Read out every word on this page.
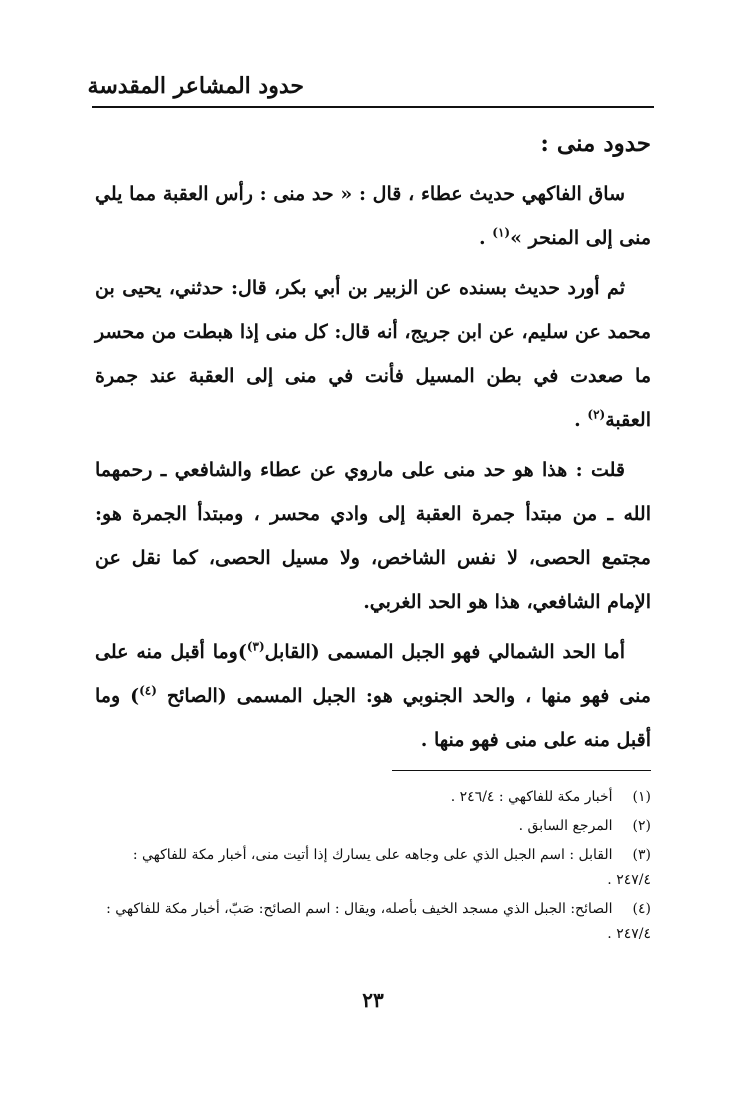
حدود المشاعر المقدسة
حدود منى :

ساق الفاكهي حديث عطاء ، قال : « حد منى : رأس العقبة مما يلي منى إلى المنحر »$^{(١)}$ .

ثم أورد حديث بسنده عن الزبير بن أبي بكر، قال: حدثني، يحيى بن محمد عن سليم، عن ابن جريج، أنه قال: كل منى إذا هبطت من محسر ما صعدت في بطن المسيل فأنت في منى إلى العقبة عند جمرة العقبة$^{(٢)}$ .

قلت : هذا هو حد منى على ماروي عن عطاء والشافعي ـ رحمهما الله ـ من مبتدأ جمرة العقبة إلى وادي محسر ، ومبتدأ الجمرة هو: مجتمع الحصى، لا نفس الشاخص، ولا مسيل الحصى، كما نقل عن الإمام الشافعي، هذا هو الحد الغربي.

أما الحد الشمالي فهو الجبل المسمى (القابل$^{(٣)}$)وما أقبل منه على منى فهو منها ، والحد الجنوبي هو: الجبل المسمى (الصائح $^{(٤)}$) وما أقبل منه على منى فهو منها .

(١) أخبار مكة للفاكهي : ٢٤٦/٤ .

(٢) المرجع السابق .

(٣) القابل : اسم الجبل الذي على وجاهه على يسارك إذا أتيت منى، أخبار مكة للفاكهي : ٢٤٧/٤ .

(٤) الصائح: الجبل الذي مسجد الخيف بأصله، ويقال : اسم الصائح: صَبّ، أخبار مكة للفاكهي : ٢٤٧/٤ .

٢٣
